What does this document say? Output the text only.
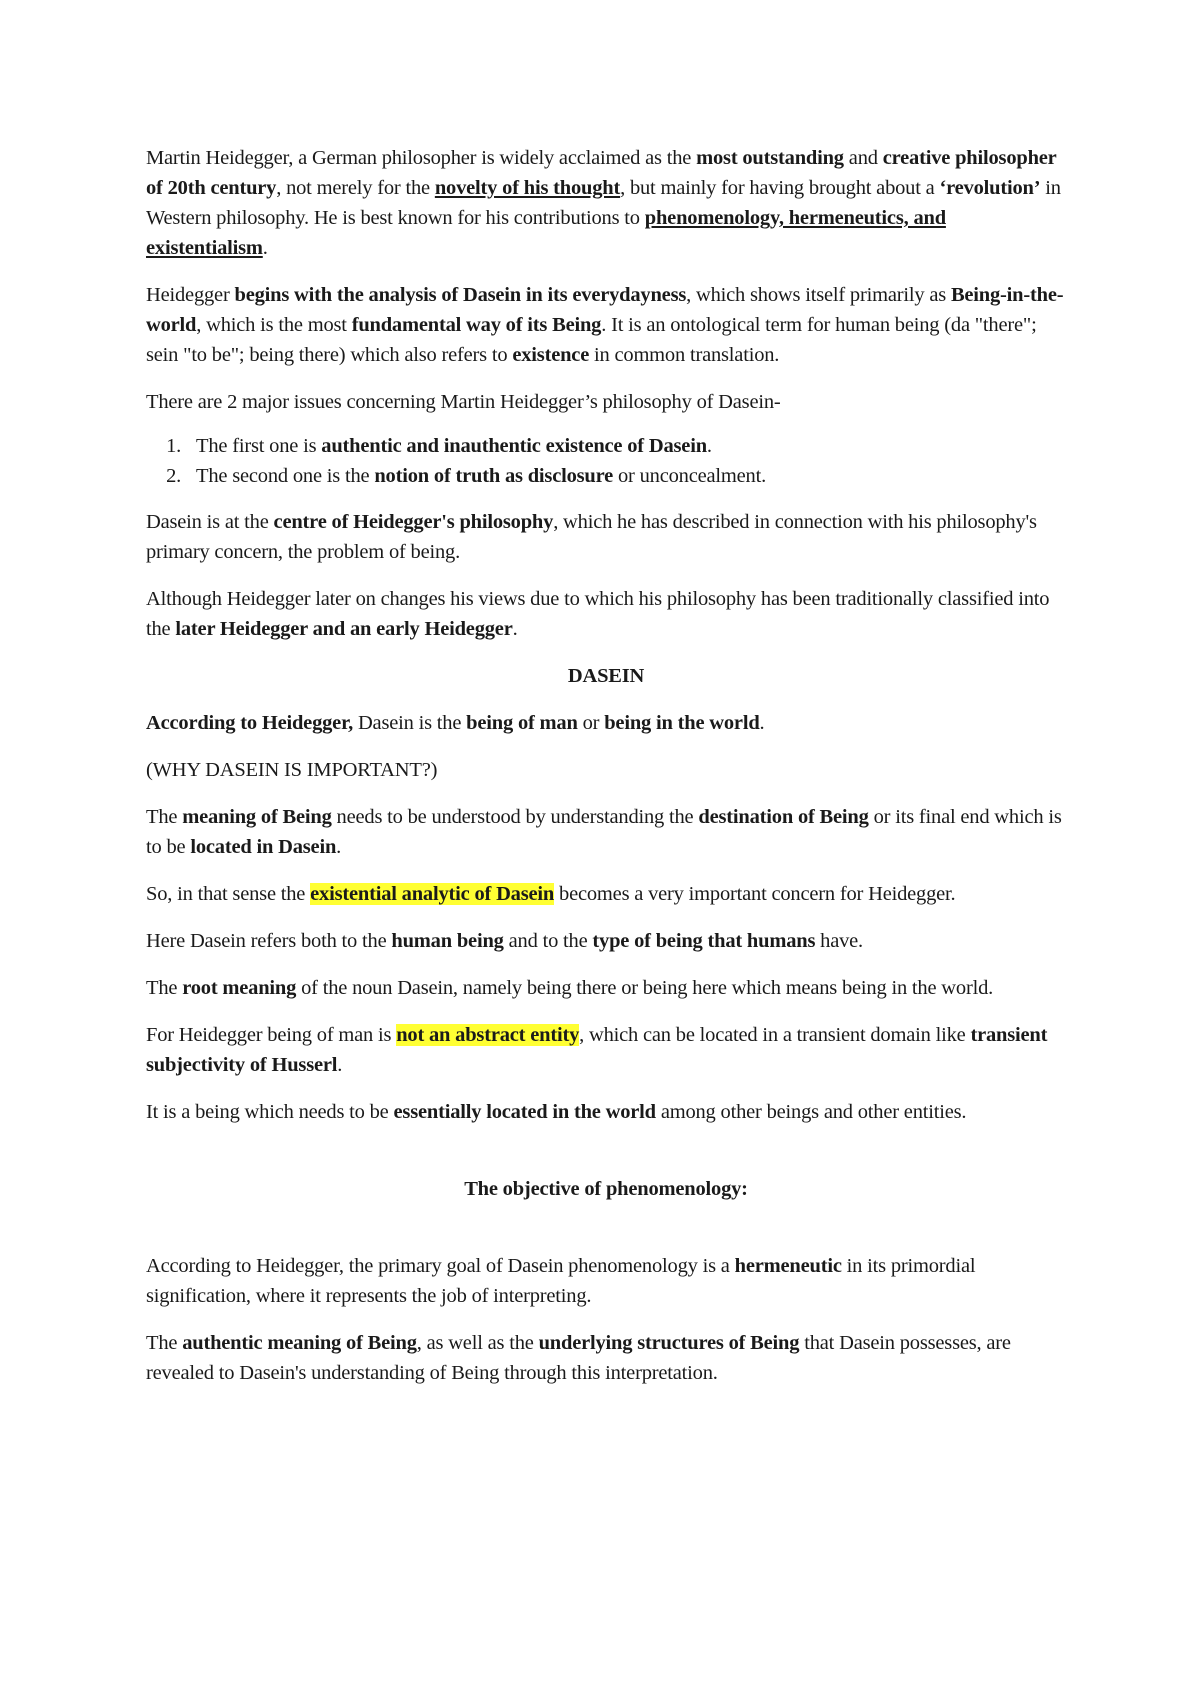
Martin Heidegger, a German philosopher is widely acclaimed as the most outstanding and creative philosopher of 20th century, not merely for the novelty of his thought, but mainly for having brought about a ‘revolution’ in Western philosophy. He is best known for his contributions to phenomenology, hermeneutics, and existentialism.

Heidegger begins with the analysis of Dasein in its everydayness, which shows itself primarily as Being-in-the-world, which is the most fundamental way of its Being. It is an ontological term for human being (da "there"; sein "to be"; being there) which also refers to existence in common translation.

There are 2 major issues concerning Martin Heidegger’s philosophy of Dasein-

1. The first one is authentic and inauthentic existence of Dasein.
2. The second one is the notion of truth as disclosure or unconcealment.

Dasein is at the centre of Heidegger's philosophy, which he has described in connection with his philosophy's primary concern, the problem of being.

Although Heidegger later on changes his views due to which his philosophy has been traditionally classified into the later Heidegger and an early Heidegger.

DASEIN

According to Heidegger, Dasein is the being of man or being in the world.

(WHY DASEIN IS IMPORTANT?)

The meaning of Being needs to be understood by understanding the destination of Being or its final end which is to be located in Dasein.

So, in that sense the existential analytic of Dasein becomes a very important concern for Heidegger.

Here Dasein refers both to the human being and to the type of being that humans have.

The root meaning of the noun Dasein, namely being there or being here which means being in the world.

For Heidegger being of man is not an abstract entity, which can be located in a transient domain like transient subjectivity of Husserl.

It is a being which needs to be essentially located in the world among other beings and other entities.

The objective of phenomenology:

According to Heidegger, the primary goal of Dasein phenomenology is a hermeneutic in its primordial signification, where it represents the job of interpreting.

The authentic meaning of Being, as well as the underlying structures of Being that Dasein possesses, are revealed to Dasein's understanding of Being through this interpretation.
